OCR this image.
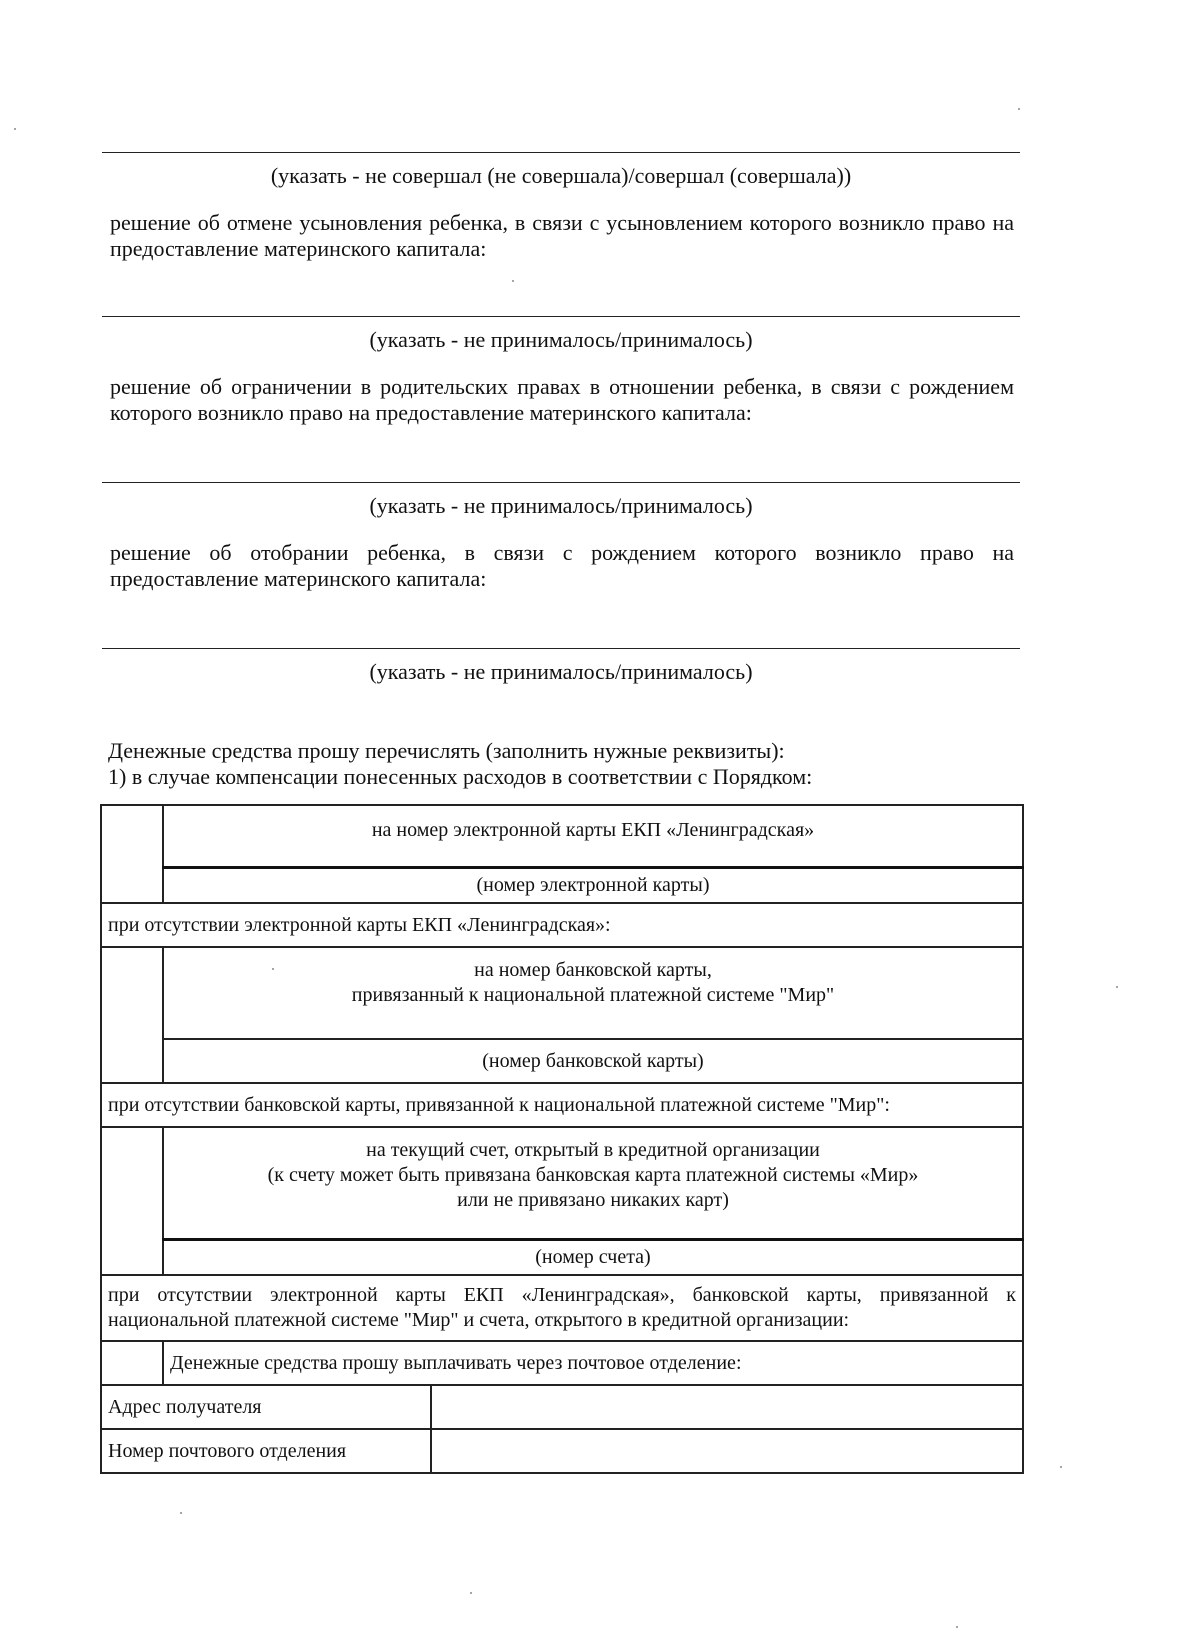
(указать - не совершал (не совершала)/совершал (совершала))
решение об отмене усыновления ребенка, в связи с усыновлением которого возникло право на предоставление материнского капитала:
(указать - не принималось/принималось)
решение об ограничении в родительских правах в отношении ребенка, в связи с рождением которого возникло право на предоставление материнского капитала:
(указать - не принималось/принималось)
решение об отобрании ребенка, в связи с рождением которого возникло право на предоставление материнского капитала:
(указать - не принималось/принималось)
Денежные средства прошу перечислять (заполнить нужные реквизиты):
1) в случае компенсации понесенных расходов в соответствии с Порядком:
	на номер электронной карты ЕКП «Ленинградская»	
	(номер электронной карты)	
при отсутствии электронной карты ЕКП «Ленинградская»:		

	на номер банковской карты,
привязанный к национальной платежной системе "Мир"	

	(номер банковской карты)	
при отсутствии банковской карты, привязанной к национальной платежной системе "Мир":		

	на текущий счет, открытый в кредитной организации
(к счету может быть привязана банковская карта платежной системы «Мир»
или не привязано никаких карт)	

	(номер счета)	
при отсутствии электронной карты ЕКП «Ленинградская», банковской карты, привязанной к национальной платежной системе "Мир" и счета, открытого в кредитной организации:		
	Денежные средства прошу выплачивать через почтовое отделение:	
Адрес получателя		
Номер почтового отделения		
